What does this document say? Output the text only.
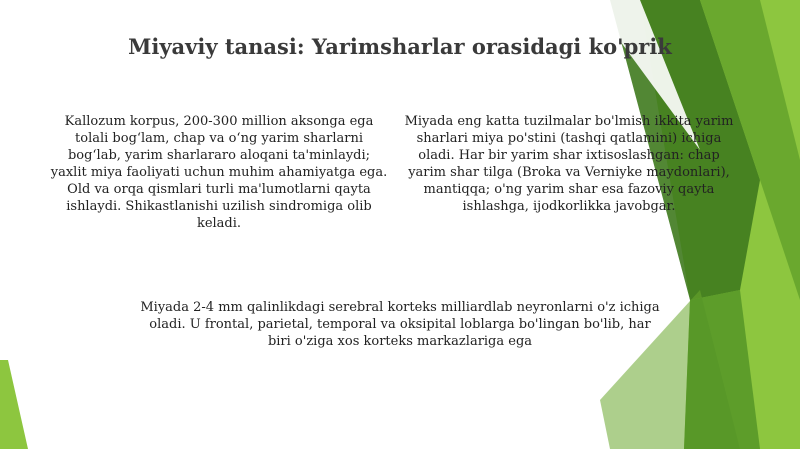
Miyaviy tanasi: Yarimsharlar orasidagi ko'prik
Kallozum korpus, 200-300 million aksonga ega tolali bog‘lam, chap va o‘ng yarim sharlarni bog‘lab, yarim sharlararo aloqani ta'minlaydi; yaxlit miya faoliyati uchun muhim ahamiyatga ega. Old va orqa qismlari turli ma'lumotlarni qayta ishlaydi. Shikastlanishi uzilish sindromiga olib keladi.
Miyada eng katta tuzilmalar bo'lmish ikkita yarim sharlari miya po'stini (tashqi qatlamini) ichiga oladi. Har bir yarim shar ixtisoslashgan: chap yarim shar tilga (Broka va Verniyke maydonlari), mantiqqa; o'ng yarim shar esa fazoviy qayta ishlashga, ijodkorlikka javobgar.
Miyada 2-4 mm qalinlikdagi serebral korteks milliardlab neyronlarni o'z ichiga oladi. U frontal, parietal, temporal va oksipital loblarga bo'lingan bo'lib, har biri o'ziga xos korteks markazlariga ega
